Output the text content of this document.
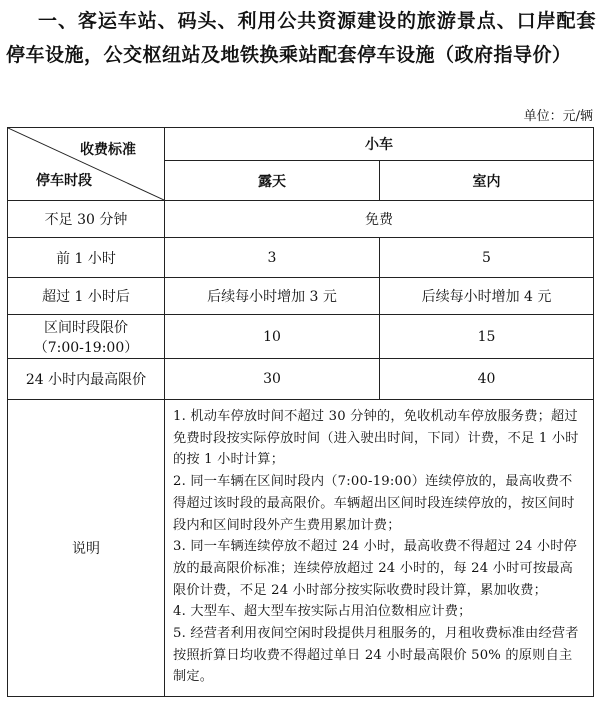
一、客运车站、码头、利用公共资源建设的旅游景点、口岸配套停车设施，公交枢纽站及地铁换乘站配套停车设施（政府指导价）
单位：元/辆
收费标准
停车时段	小车	
	露天	室内
不足 30 分钟	免费	
前 1 小时	3	5
超过 1 小时后	后续每小时增加 3 元	后续每小时增加 4 元

区间时段限价
（7:00-19:00）	10	15
24 小时内最高限价	30	40
说明	1. 机动车停放时间不超过 30 分钟的，免收机动车停放服务费；超过免费时段按实际停放时间（进入驶出时间，下同）计费，不足 1 小时的按 1 小时计算；
2. 同一车辆在区间时段内（7:00-19:00）连续停放的，最高收费不得超过该时段的最高限价。车辆超出区间时段连续停放的，按区间时段内和区间时段外产生费用累加计费；
3. 同一车辆连续停放不超过 24 小时，最高收费不得超过 24 小时停放的最高限价标准；连续停放超过 24 小时的，每 24 小时可按最高限价计费，不足 24 小时部分按实际收费时段计算，累加收费；
4. 大型车、超大型车按实际占用泊位数相应计费；
5. 经营者利用夜间空闲时段提供月租服务的，月租收费标准由经营者按照折算日均收费不得超过单日 24 小时最高限价 50% 的原则自主制定。	
